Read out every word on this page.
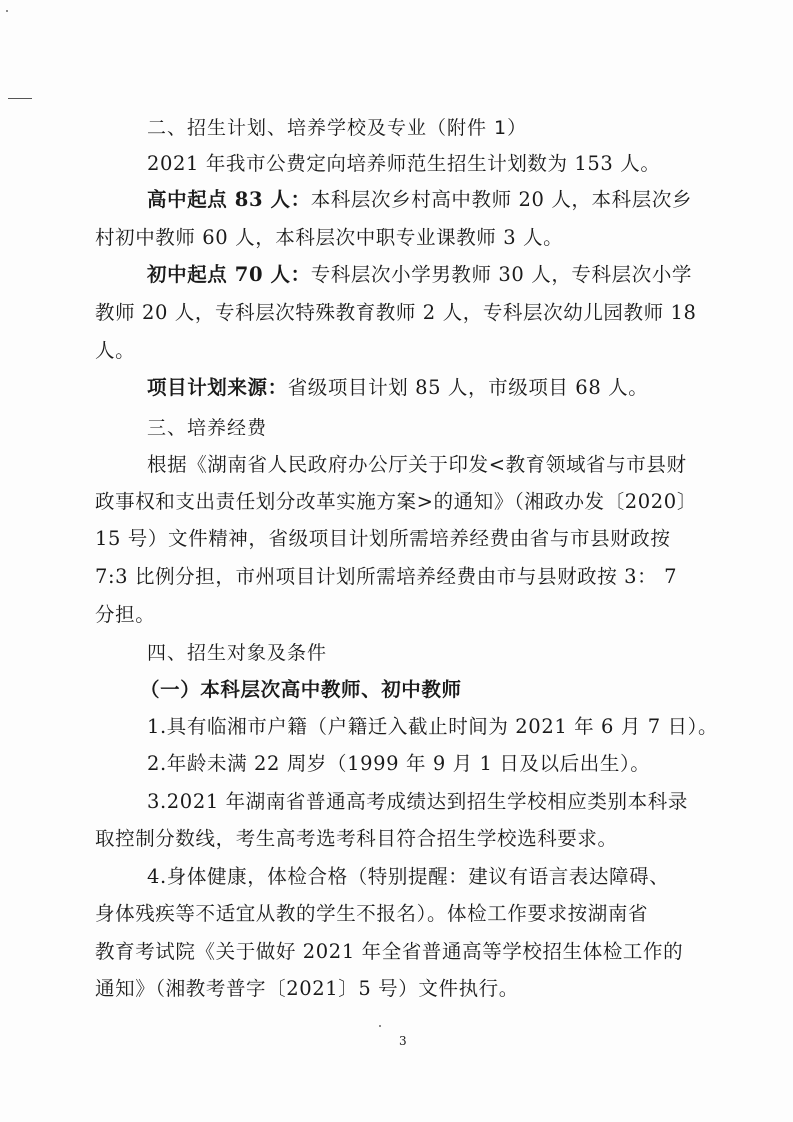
二、招生计划、培养学校及专业（附件 1）
2021 年我市公费定向培养师范生招生计划数为 153 人。
高中起点 83 人：本科层次乡村高中教师 20 人，本科层次乡
村初中教师 60 人，本科层次中职专业课教师 3 人。
初中起点 70 人：专科层次小学男教师 30 人，专科层次小学
教师 20 人，专科层次特殊教育教师 2 人，专科层次幼儿园教师 18
人。
项目计划来源：省级项目计划 85 人，市级项目 68 人。
三、培养经费
根据《湖南省人民政府办公厅关于印发<教育领域省与市县财
政事权和支出责任划分改革实施方案>的通知》（湘政办发〔2020〕
15 号）文件精神，省级项目计划所需培养经费由省与市县财政按
7:3 比例分担，市州项目计划所需培养经费由市与县财政按 3： 7
分担。
四、招生对象及条件
（一）本科层次高中教师、初中教师
1.具有临湘市户籍（户籍迁入截止时间为 2021 年 6 月 7 日）。
2.年龄未满 22 周岁（1999 年 9 月 1 日及以后出生）。
3.2021 年湖南省普通高考成绩达到招生学校相应类别本科录
取控制分数线，考生高考选考科目符合招生学校选科要求。
4.身体健康，体检合格（特别提醒：建议有语言表达障碍、
身体残疾等不适宜从教的学生不报名）。体检工作要求按湖南省
教育考试院《关于做好 2021 年全省普通高等学校招生体检工作的
通知》（湘教考普字〔2021〕5 号）文件执行。
3
